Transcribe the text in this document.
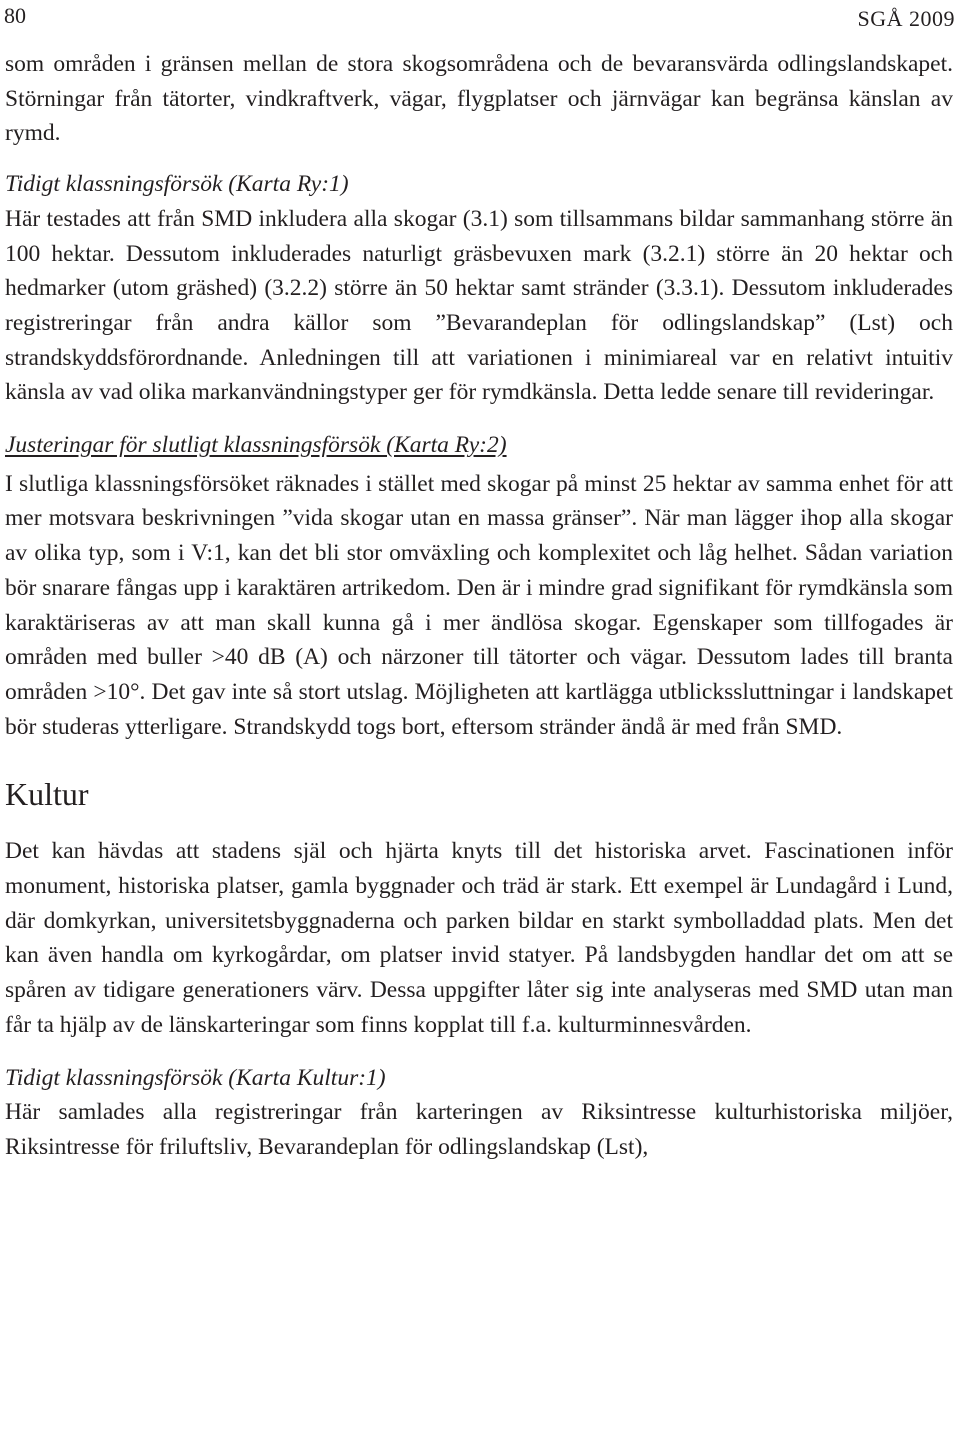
80	SGÅ 2009

som områden i gränsen mellan de stora skogsområdena och de bevaransvärda odlingslandskapet. Störningar från tätorter, vindkraftverk, vägar, flygplatser och järnvägar kan begränsa känslan av rymd.

Tidigt klassningsförsök (Karta Ry:1)

Här testades att från SMD inkludera alla skogar (3.1) som tillsammans bildar sammanhang större än 100 hektar. Dessutom inkluderades naturligt gräsbevuxen mark (3.2.1) större än 20 hektar och hedmarker (utom gräshed) (3.2.2) större än 50 hektar samt stränder (3.3.1). Dessutom inkluderades registreringar från andra källor som ”Bevarandeplan för odlingslandskap” (Lst) och strandskyddsförordnande. Anledningen till att variationen i minimiareal var en relativt intuitiv känsla av vad olika markanvändningstyper ger för rymdkänsla. Detta ledde senare till revideringar.

Justeringar för slutligt klassningsförsök (Karta Ry:2)

I slutliga klassningsförsöket räknades i stället med skogar på minst 25 hektar av samma enhet för att mer motsvara beskrivningen ”vida skogar utan en massa gränser”. När man lägger ihop alla skogar av olika typ, som i V:1, kan det bli stor omväxling och komplexitet och låg helhet. Sådan variation bör snarare fångas upp i karaktären artrikedom. Den är i mindre grad signifikant för rymdkänsla som karaktäriseras av att man skall kunna gå i mer ändlösa skogar. Egenskaper som tillfogades är områden med buller >40 dB (A) och närzoner till tätorter och vägar. Dessutom lades till branta områden >10°. Det gav inte så stort utslag. Möjligheten att kartlägga utblickssluttningar i landskapet bör studeras ytterligare. Strandskydd togs bort, eftersom stränder ändå är med från SMD.

Kultur

Det kan hävdas att stadens själ och hjärta knyts till det historiska arvet. Fascinationen inför monument, historiska platser, gamla byggnader och träd är stark. Ett exempel är Lundagård i Lund, där domkyrkan, universitetsbyggnaderna och parken bildar en starkt symbolladdad plats. Men det kan även handla om kyrkogårdar, om platser invid statyer. På landsbygden handlar det om att se spåren av tidigare generationers värv. Dessa uppgifter låter sig inte analyseras med SMD utan man får ta hjälp av de länskarteringar som finns kopplat till f.a. kulturminnesvården.

Tidigt klassningsförsök (Karta Kultur:1)

Här samlades alla registreringar från karteringen av Riksintresse kulturhistoriska miljöer, Riksintresse för friluftsliv, Bevarandeplan för odlingslandskap (Lst),
